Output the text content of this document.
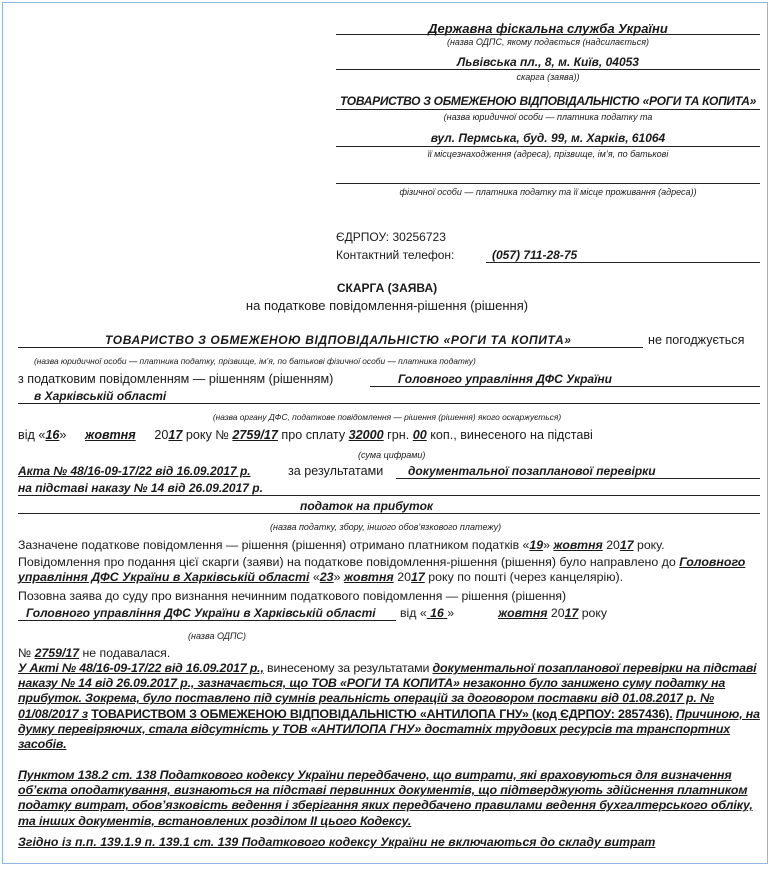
Державна фіскальна служба України
(назва ОДПС, якому подається (надсилається)
Львівська пл., 8, м. Київ, 04053
скарга (заява))
ТОВАРИСТВО З ОБМЕЖЕНОЮ ВІДПОВІДАЛЬНІСТЮ «РОГИ ТА КОПИТА»
(назва юридичної особи — платника податку та
вул. Пермська, буд. 99, м. Харків, 61064
її місцезнаходження (адреса), прізвище, ім’я, по батькові
фізичної особи — платника податку та її місце проживання (адреса))
ЄДРПОУ: 30256723
Контактний телефон:	(057) 711-28-75
СКАРГА (ЗАЯВА)
на податкове повідомлення-рішення (рішення)
ТОВАРИСТВО З ОБМЕЖЕНОЮ ВІДПОВІДАЛЬНІСТЮ «РОГИ ТА КОПИТА»	не погоджується
(назва юридичної особи — платника податку, прізвище, ім’я, по батькові фізичної особи — платника податку)
з податковим повідомленням — рішенням (рішенням)	Головного управління ДФС України
в Харківській області
(назва органу ДФС, податкове повідомлення — рішення (рішення) якого оскаржується)
від «16»  жовтня 2017 року № 2759/17 про сплату 32000 грн. 00 коп., винесеного на підставі
(сума цифрами)
Акта № 48/16-09-17/22 від 16.09.2017 р.	за результатами документальної позапланової перевірки
на підставі наказу № 14 від 26.09.2017 р.
податок на прибуток
(назва податку, збору, іншого обов’язкового платежу)
Зазначене податкове повідомлення — рішення (рішення) отримано платником податків «19» жовтня 2017 року.
Повідомлення про подання цієї скарги (заяви) на податкове повідомлення-рішення (рішення) було направлено до Головного управління ДФС України в Харківській області «23» жовтня 2017 року по пошті (через канцелярію).
Позовна заява до суду про визнання нечинним податкового повідомлення — рішення (рішення)
Головного управління ДФС України в Харківській області від « 16 »	жовтня 2017 року
(назва ОДПС)
№ 2759/17 не подавалася.
У Акті № 48/16-09-17/22 від 16.09.2017 р., винесеному за результатами документальної позапланової перевірки на підставі наказу № 14 від 26.09.2017 р., зазначається, що ТОВ «РОГИ ТА КОПИТА» незаконно було занижено суму податку на прибуток. Зокрема, було поставлено під сумнів реальність операцій за договором поставки від 01.08.2017 р. № 01/08/2017 з ТОВАРИСТВОМ З ОБМЕЖЕНОЮ ВІДПОВІДАЛЬНІСТЮ «АНТИЛОПА ГНУ» (код ЄДРПОУ: 2857436). Причиною, на думку перевіряючих, стала відсутність у ТОВ «АНТИЛОПА ГНУ» достатніх трудових ресурсів та транспортних засобів.
Пунктом 138.2 ст. 138 Податкового кодексу України передбачено, що витрати, які враховуються для визначення об’єкта оподаткування, визнаються на підставі первинних документів, що підтверджують здійснення платником податку витрат, обов’язковість ведення і зберігання яких передбачено правилами ведення бухгалтерського обліку, та інших документів, встановлених розділом ІІ цього Кодексу.
Згідно із п.п. 139.1.9 п. 139.1 ст. 139 Податкового кодексу України не включаються до складу витрат
